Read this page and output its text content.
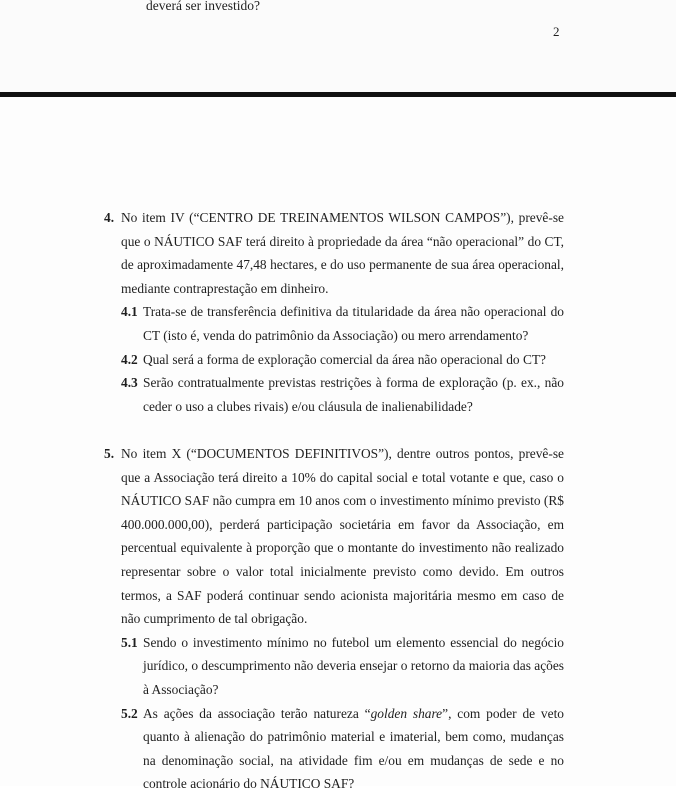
deverá ser investido?
2
4. No item IV (“CENTRO DE TREINAMENTOS WILSON CAMPOS”), prevê-se que o NÁUTICO SAF terá direito à propriedade da área “não operacional” do CT, de aproximadamente 47,48 hectares, e do uso permanente de sua área operacional, mediante contraprestação em dinheiro.
4.1 Trata-se de transferência definitiva da titularidade da área não operacional do CT (isto é, venda do patrimônio da Associação) ou mero arrendamento?
4.2 Qual será a forma de exploração comercial da área não operacional do CT?
4.3 Serão contratualmente previstas restrições à forma de exploração (p. ex., não ceder o uso a clubes rivais) e/ou cláusula de inalienabilidade?
5. No item X (“DOCUMENTOS DEFINITIVOS”), dentre outros pontos, prevê-se que a Associação terá direito a 10% do capital social e total votante e que, caso o NÁUTICO SAF não cumpra em 10 anos com o investimento mínimo previsto (R$ 400.000.000,00), perderá participação societária em favor da Associação, em percentual equivalente à proporção que o montante do investimento não realizado representar sobre o valor total inicialmente previsto como devido. Em outros termos, a SAF poderá continuar sendo acionista majoritária mesmo em caso de não cumprimento de tal obrigação.
5.1 Sendo o investimento mínimo no futebol um elemento essencial do negócio jurídico, o descumprimento não deveria ensejar o retorno da maioria das ações à Associação?
5.2 As ações da associação terão natureza “golden share”, com poder de veto quanto à alienação do patrimônio material e imaterial, bem como, mudanças na denominação social, na atividade fim e/ou em mudanças de sede e no controle acionário do NÁUTICO SAF?
